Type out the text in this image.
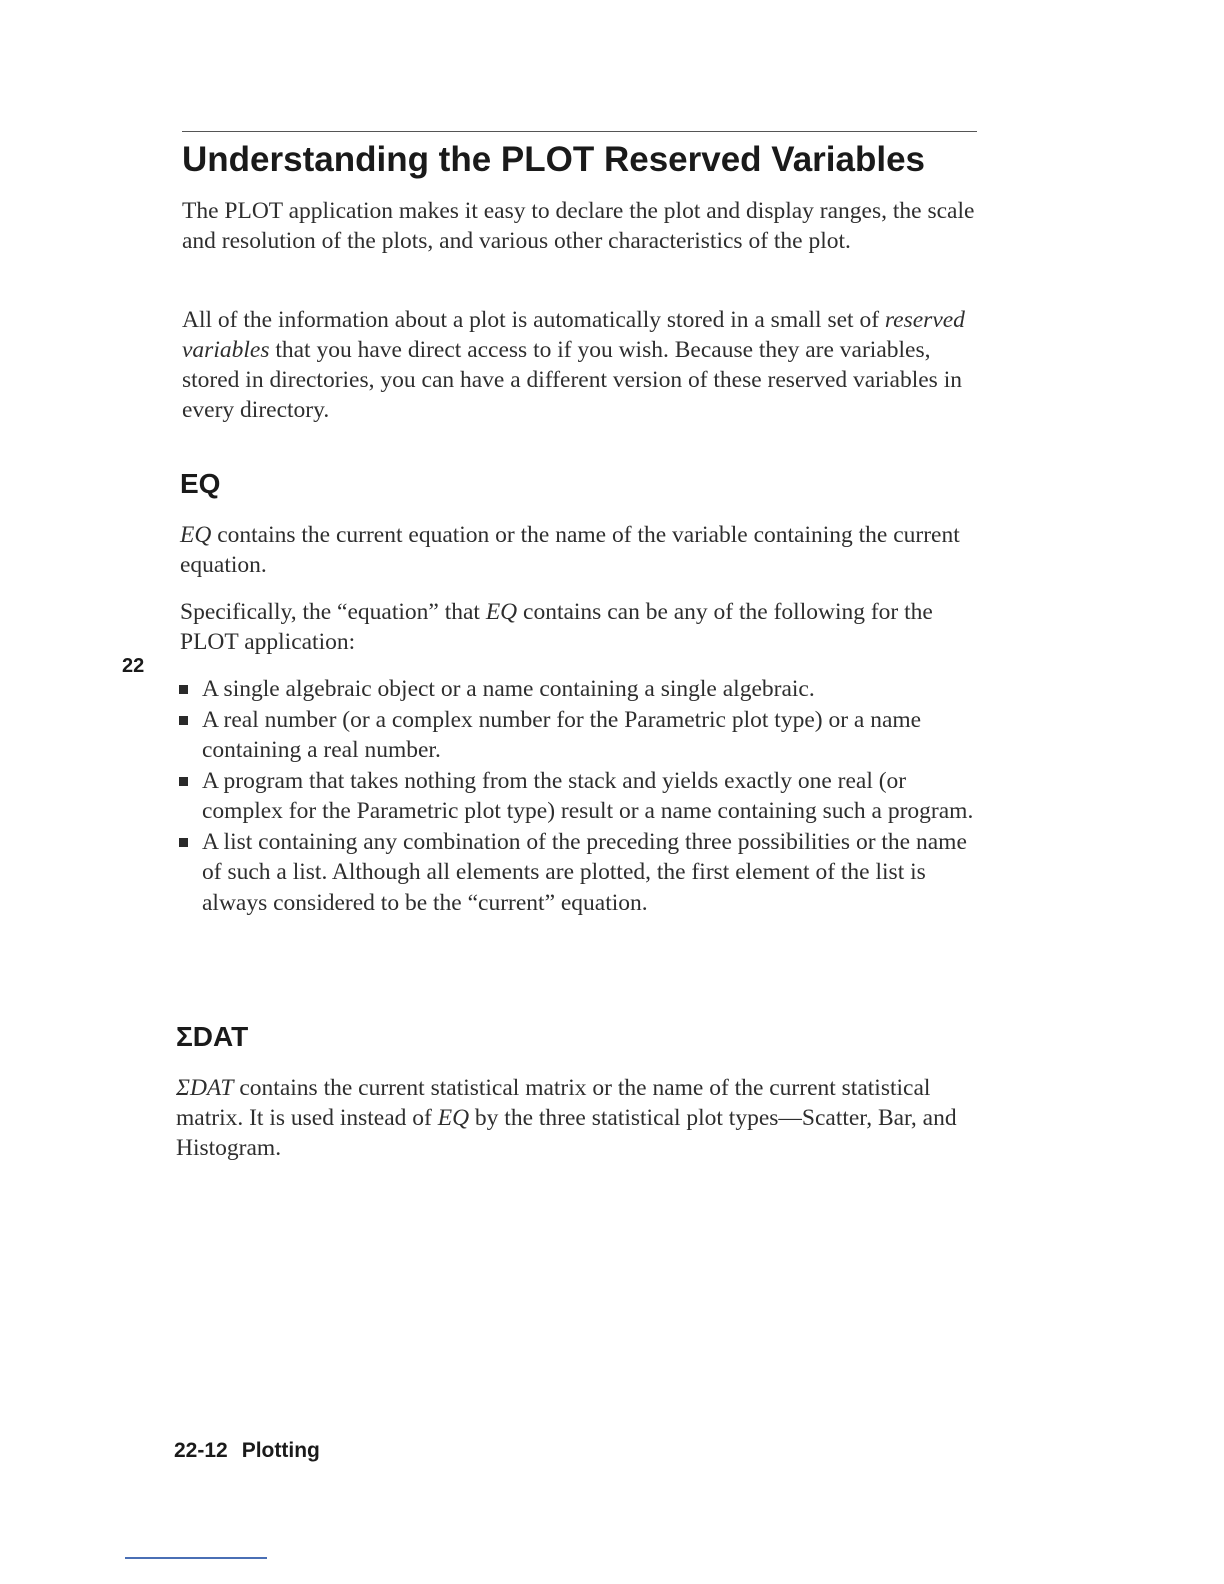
Understanding the PLOT Reserved Variables

The PLOT application makes it easy to declare the plot and display ranges, the scale and resolution of the plots, and various other characteristics of the plot.

All of the information about a plot is automatically stored in a small set of reserved variables that you have direct access to if you wish. Because they are variables, stored in directories, you can have a different version of these reserved variables in every directory.

EQ

EQ contains the current equation or the name of the variable containing the current equation.

Specifically, the “equation” that EQ contains can be any of the following for the PLOT application:

22
A single algebraic object or a name containing a single algebraic.
A real number (or a complex number for the Parametric plot type) or a name containing a real number.
A program that takes nothing from the stack and yields exactly one real (or complex for the Parametric plot type) result or a name containing such a program.
A list containing any combination of the preceding three possibilities or the name of such a list. Although all elements are plotted, the first element of the list is always considered to be the “current” equation.
ΣDAT

ΣDAT contains the current statistical matrix or the name of the current statistical matrix. It is used instead of EQ by the three statistical plot types—Scatter, Bar, and Histogram.

22-12 Plotting
